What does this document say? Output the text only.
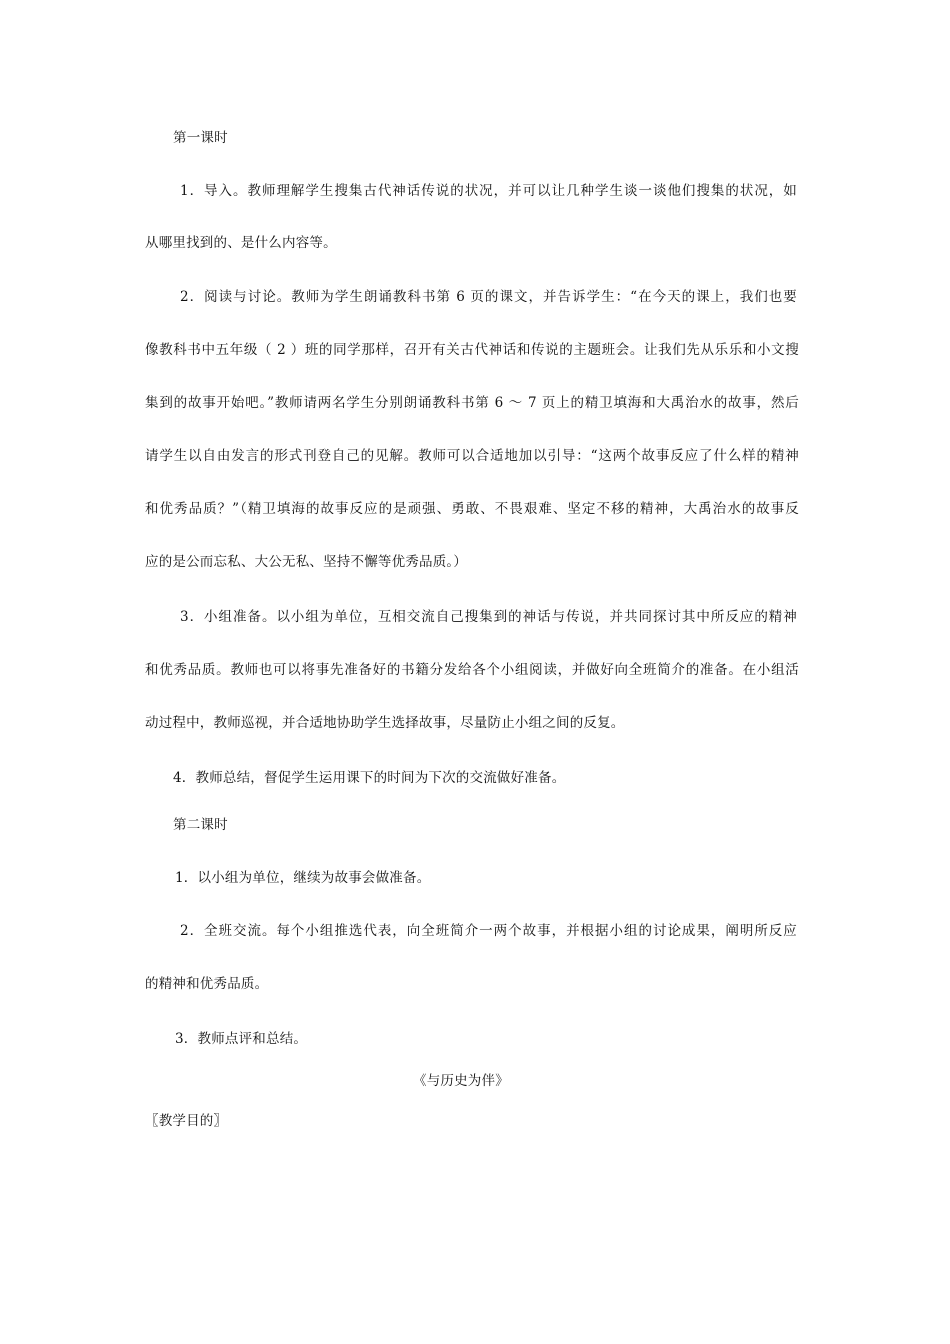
第一课时
1．导入。教师理解学生搜集古代神话传说的状况，并可以让几种学生谈一谈他们搜集的状况，如
从哪里找到的、是什么内容等。
2．阅读与讨论。教师为学生朗诵教科书第 6 页的课文，并告诉学生：“在今天的课上，我们也要
像教科书中五年级（ 2 ）班的同学那样，召开有关古代神话和传说的主题班会。让我们先从乐乐和小文搜
集到的故事开始吧。”教师请两名学生分别朗诵教科书第 6 ～ 7 页上的精卫填海和大禹治水的故事，然后
请学生以自由发言的形式刊登自己的见解。教师可以合适地加以引导：“这两个故事反应了什么样的精神
和优秀品质？”（精卫填海的故事反应的是顽强、勇敢、不畏艰难、坚定不移的精神，大禹治水的故事反
应的是公而忘私、大公无私、坚持不懈等优秀品质。）
3．小组准备。以小组为单位，互相交流自己搜集到的神话与传说，并共同探讨其中所反应的精神
和优秀品质。教师也可以将事先准备好的书籍分发给各个小组阅读，并做好向全班简介的准备。在小组活
动过程中，教师巡视，并合适地协助学生选择故事，尽量防止小组之间的反复。
4．教师总结，督促学生运用课下的时间为下次的交流做好准备。
第二课时
1．以小组为单位，继续为故事会做准备。
2．全班交流。每个小组推选代表，向全班简介一两个故事，并根据小组的讨论成果，阐明所反应
的精神和优秀品质。
3．教师点评和总结。
《与历史为伴》
〖教学目的〗
